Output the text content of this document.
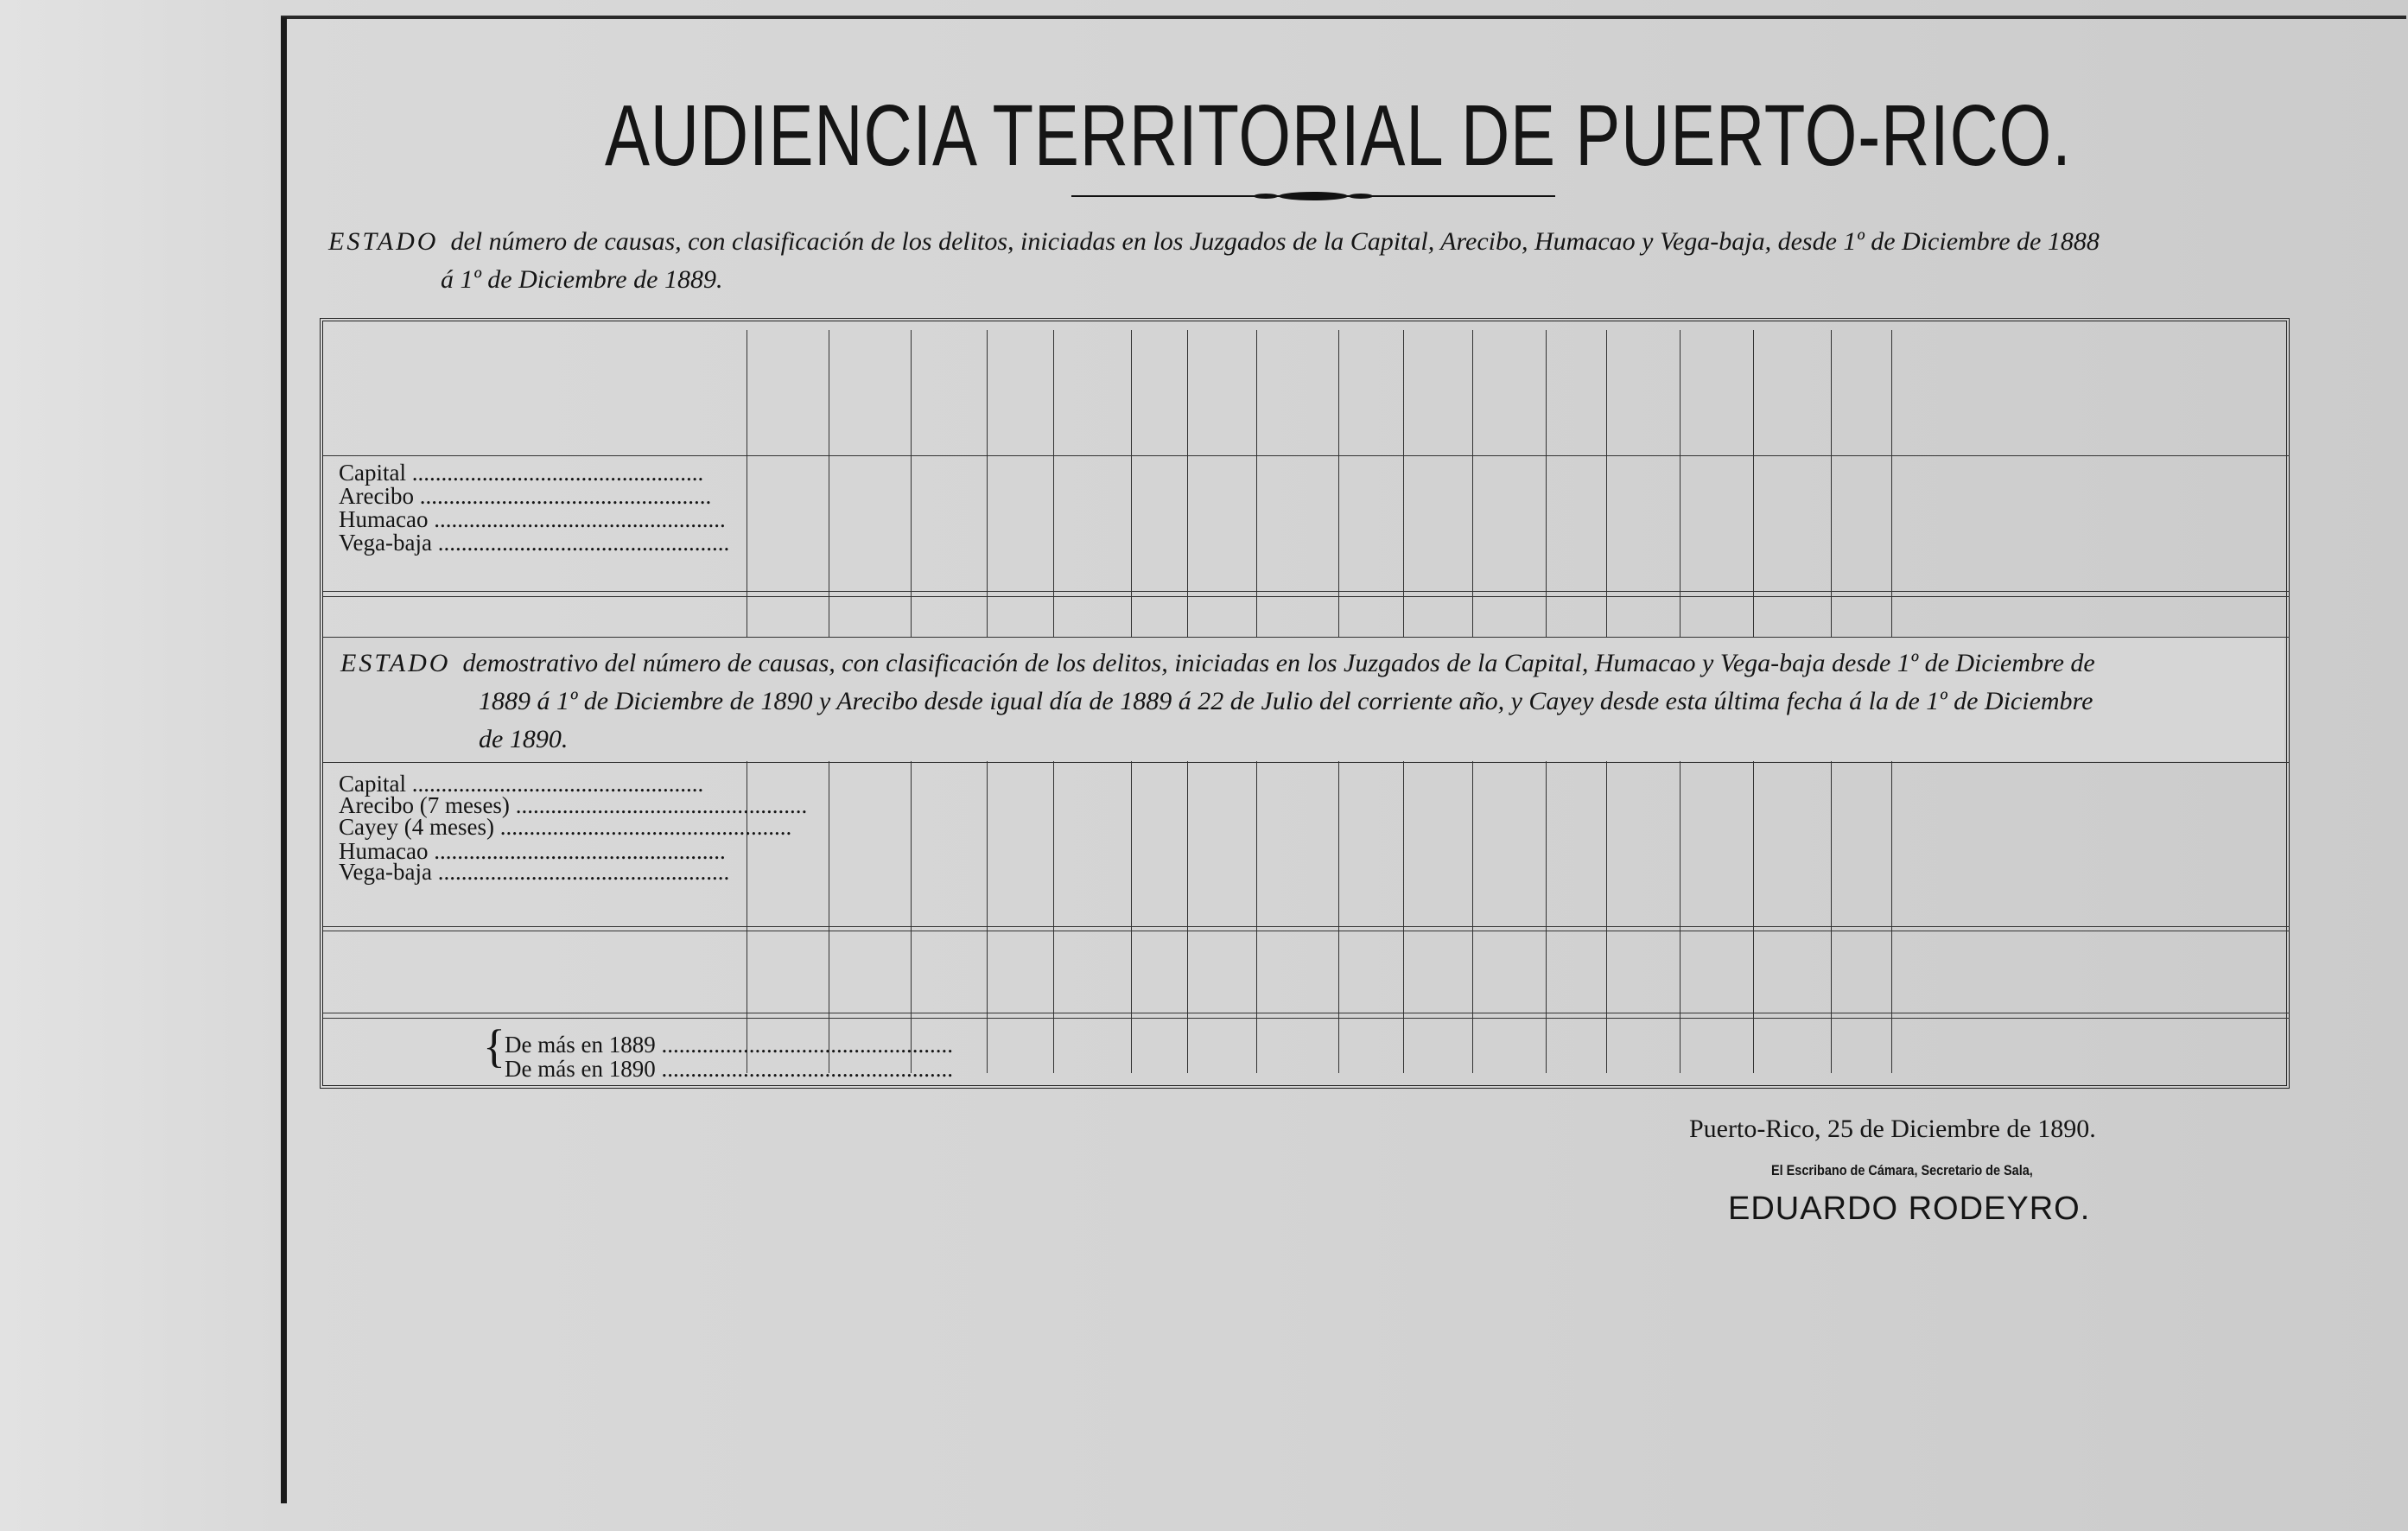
AUDIENCIA TERRITORIAL DE PUERTO-RICO.
ESTADO del número de causas, con clasificación de los delitos, iniciadas en los Juzgados de la Capital, Arecibo, Humacao y Vega-baja, desde 1º de Diciembre de 1888
á 1º de Diciembre de 1889.
Capital ..................................................
Arecibo ..................................................
Humacao ..................................................
Vega-baja ..................................................
ESTADO demostrativo del número de causas, con clasificación de los delitos, iniciadas en los Juzgados de la Capital, Humacao y Vega-baja desde 1º de Diciembre de
1889 á 1º de Diciembre de 1890 y Arecibo desde igual día de 1889 á 22 de Julio del corriente año, y Cayey desde esta última fecha á la de 1º de Diciembre
de 1890.
Capital ..................................................
Arecibo (7 meses) ..................................................
Cayey (4 meses) ..................................................
Humacao ..................................................
Vega-baja ..................................................
{ De más en 1889 ..................................................
De más en 1890 ..................................................
Puerto-Rico, 25 de Diciembre de 1890.
El Escribano de Cámara, Secretario de Sala,
EDUARDO RODEYRO.
